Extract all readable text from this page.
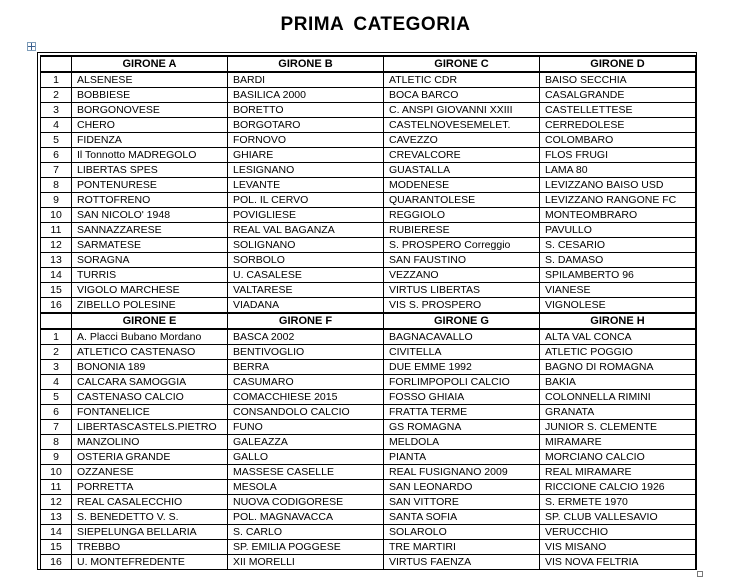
PRIMA CATEGORIA
	GIRONE A	GIRONE B	GIRONE C	GIRONE D
1	ALSENESE	BARDI	ATLETIC CDR	BAISO SECCHIA
2	BOBBIESE	BASILICA 2000	BOCA BARCO	CASALGRANDE
3	BORGONOVESE	BORETTO	C. ANSPI GIOVANNI XXIII	CASTELLETTESE
4	CHERO	BORGOTARO	CASTELNOVESEMELET.	CERREDOLESE
5	FIDENZA	FORNOVO	CAVEZZO	COLOMBARO
6	Il Tonnotto MADREGOLO	GHIARE	CREVALCORE	FLOS FRUGI
7	LIBERTAS SPES	LESIGNANO	GUASTALLA	LAMA 80
8	PONTENURESE	LEVANTE	MODENESE	LEVIZZANO BAISO USD
9	ROTTOFRENO	POL. IL CERVO	QUARANTOLESE	LEVIZZANO RANGONE FC
10	SAN NICOLO' 1948	POVIGLIESE	REGGIOLO	MONTEOMBRARO
11	SANNAZZARESE	REAL VAL BAGANZA	RUBIERESE	PAVULLO
12	SARMATESE	SOLIGNANO	S. PROSPERO Correggio	S. CESARIO
13	SORAGNA	SORBOLO	SAN FAUSTINO	S. DAMASO
14	TURRIS	U. CASALESE	VEZZANO	SPILAMBERTO 96
15	VIGOLO MARCHESE	VALTARESE	VIRTUS LIBERTAS	VIANESE
16	ZIBELLO POLESINE	VIADANA	VIS S. PROSPERO	VIGNOLESE
	GIRONE E	GIRONE F	GIRONE G	GIRONE H
1	A. Placci Bubano Mordano	BASCA 2002	BAGNACAVALLO	ALTA VAL CONCA
2	ATLETICO CASTENASO	BENTIVOGLIO	CIVITELLA	ATLETIC POGGIO
3	BONONIA 189	BERRA	DUE EMME 1992	BAGNO DI ROMAGNA
4	CALCARA SAMOGGIA	CASUMARO	FORLIMPOPOLI CALCIO	BAKIA
5	CASTENASO CALCIO	COMACCHIESE 2015	FOSSO GHIAIA	COLONNELLA RIMINI
6	FONTANELICE	CONSANDOLO CALCIO	FRATTA TERME	GRANATA
7	LIBERTASCASTELS.PIETRO	FUNO	GS ROMAGNA	JUNIOR S. CLEMENTE
8	MANZOLINO	GALEAZZA	MELDOLA	MIRAMARE
9	OSTERIA GRANDE	GALLO	PIANTA	MORCIANO CALCIO
10	OZZANESE	MASSESE CASELLE	REAL FUSIGNANO 2009	REAL MIRAMARE
11	PORRETTA	MESOLA	SAN LEONARDO	RICCIONE CALCIO 1926
12	REAL CASALECCHIO	NUOVA CODIGORESE	SAN VITTORE	S. ERMETE 1970
13	S. BENEDETTO V. S.	POL. MAGNAVACCA	SANTA SOFIA	SP. CLUB VALLESAVIO
14	SIEPELUNGA BELLARIA	S. CARLO	SOLAROLO	VERUCCHIO
15	TREBBO	SP. EMILIA POGGESE	TRE MARTIRI	VIS MISANO
16	U. MONTEFREDENTE	XII MORELLI	VIRTUS FAENZA	VIS NOVA FELTRIA
